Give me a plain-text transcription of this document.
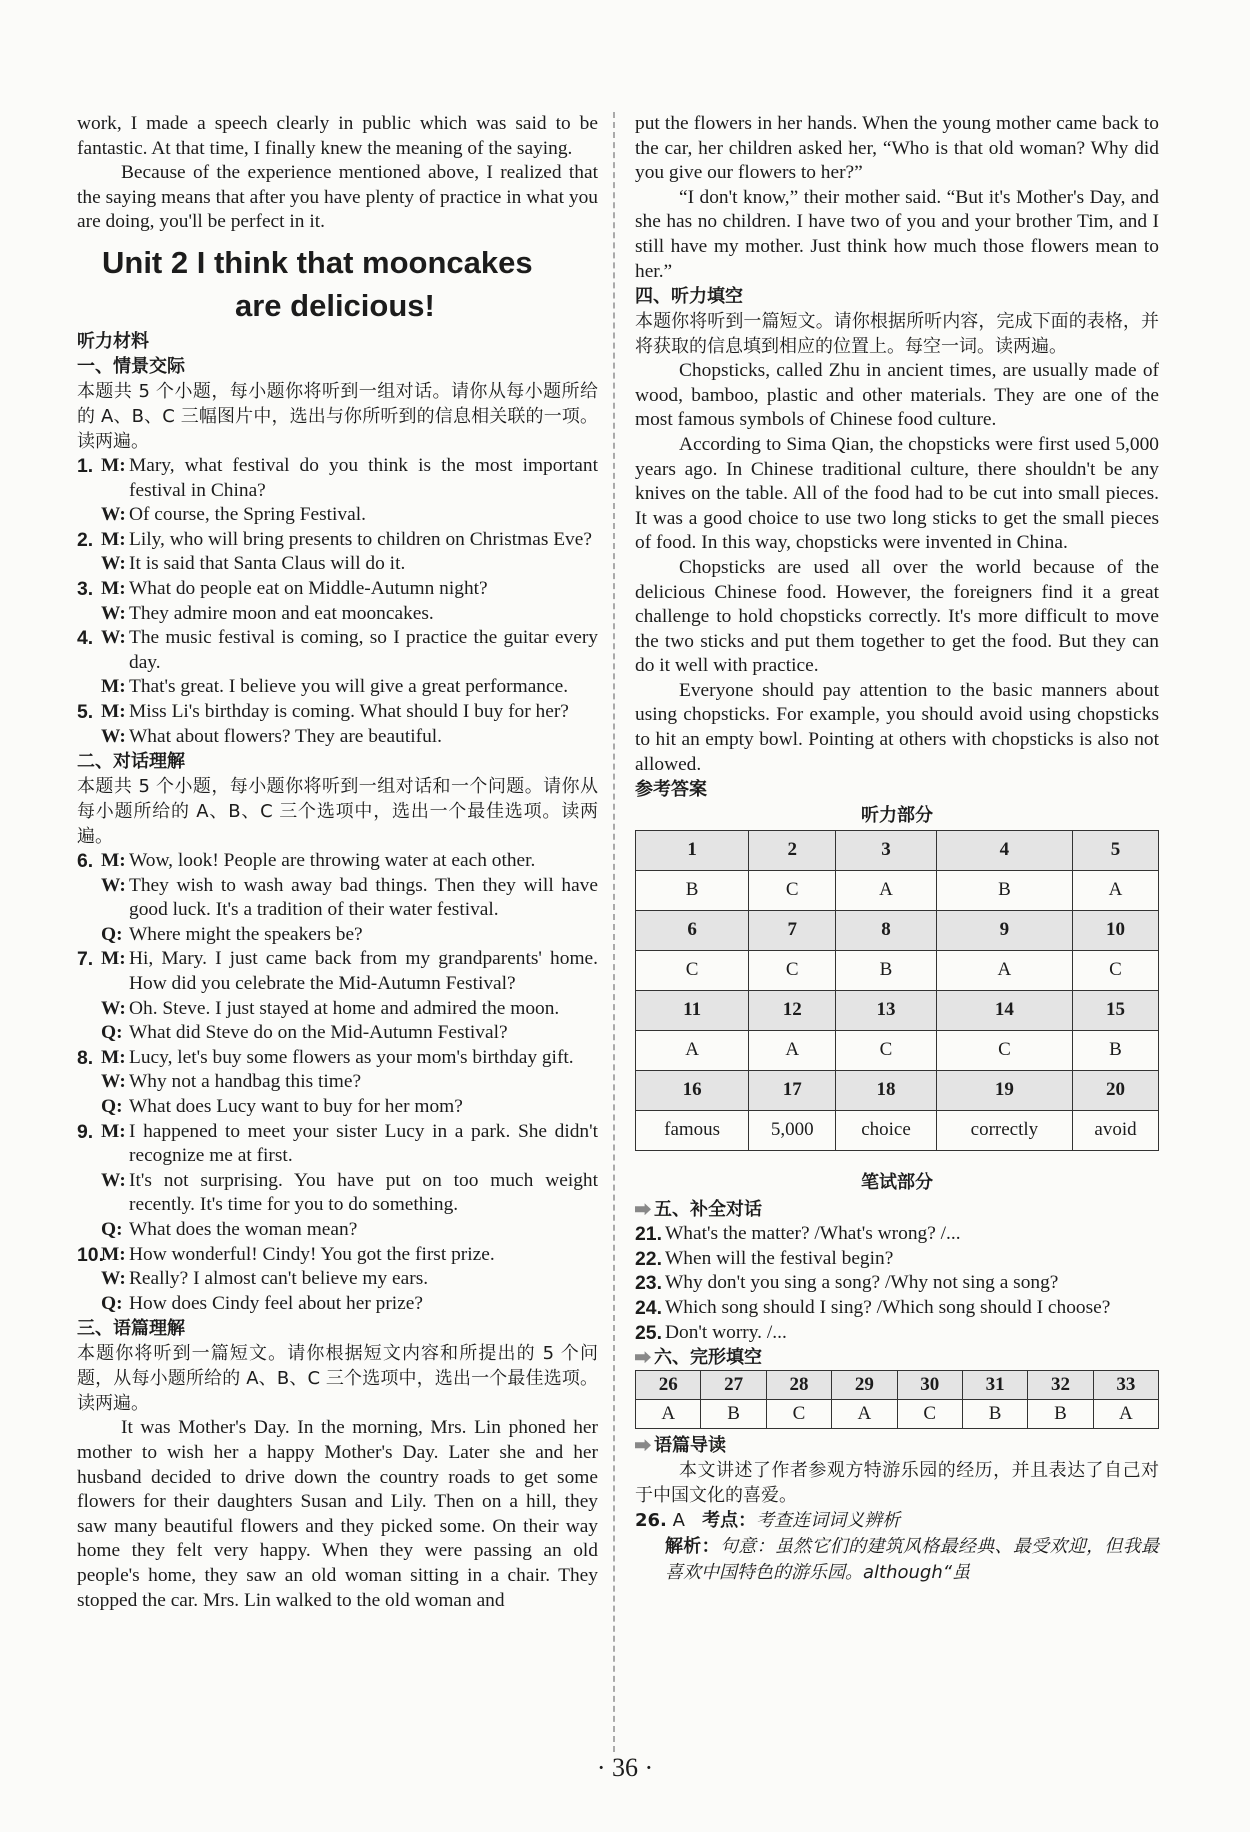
work, I made a speech clearly in public which was said to be fantastic. At that time, I finally knew the meaning of the saying.

Because of the experience mentioned above, I realized that the saying means that after you have plenty of practice in what you are doing, you'll be perfect in it.

Unit 2 I think that mooncakes
are delicious!
听力材料
一、情景交际
本题共 5 个小题，每小题你将听到一组对话。请你从每小题所给的 A、B、C 三幅图片中，选出与你所听到的信息相关联的一项。读两遍。
1. M: Mary, what festival do you think is the most important festival in China?
W: Of course, the Spring Festival.
2. M: Lily, who will bring presents to children on Christmas Eve?
W: It is said that Santa Claus will do it.
3. M: What do people eat on Middle-Autumn night?
W: They admire moon and eat mooncakes.
4. W: The music festival is coming, so I practice the guitar every day.
M: That's great. I believe you will give a great performance.
5. M: Miss Li's birthday is coming. What should I buy for her?
W: What about flowers? They are beautiful.
二、对话理解
本题共 5 个小题，每小题你将听到一组对话和一个问题。请你从每小题所给的 A、B、C 三个选项中，选出一个最佳选项。读两遍。
6. M: Wow, look! People are throwing water at each other.
W: They wish to wash away bad things. Then they will have good luck. It's a tradition of their water festival.
Q: Where might the speakers be?
7. M: Hi, Mary. I just came back from my grandparents' home. How did you celebrate the Mid-Autumn Festival?
W: Oh. Steve. I just stayed at home and admired the moon.
Q: What did Steve do on the Mid-Autumn Festival?
8. M: Lucy, let's buy some flowers as your mom's birthday gift.
W: Why not a handbag this time?
Q: What does Lucy want to buy for her mom?
9. M: I happened to meet your sister Lucy in a park. She didn't recognize me at first.
W: It's not surprising. You have put on too much weight recently. It's time for you to do something.
Q: What does the woman mean?
10.
M: How wonderful! Cindy! You got the first prize.
W: Really? I almost can't believe my ears.
Q: How does Cindy feel about her prize?
三、语篇理解
本题你将听到一篇短文。请你根据短文内容和所提出的 5 个问题，从每小题所给的 A、B、C 三个选项中，选出一个最佳选项。读两遍。

It was Mother's Day. In the morning, Mrs. Lin phoned her mother to wish her a happy Mother's Day. Later she and her husband decided to drive down the country roads to get some flowers for their daughters Susan and Lily. Then on a hill, they saw many beautiful flowers and they picked some. On their way home they felt very happy. When they were passing an old people's home, they saw an old woman sitting in a chair. They stopped the car. Mrs. Lin walked to the old woman and

put the flowers in her hands. When the young mother came back to the car, her children asked her, “Who is that old woman? Why did you give our flowers to her?”

“I don't know,” their mother said. “But it's Mother's Day, and she has no children. I have two of you and your brother Tim, and I still have my mother. Just think how much those flowers mean to her.”

四、听力填空
本题你将听到一篇短文。请你根据所听内容，完成下面的表格，并将获取的信息填到相应的位置上。每空一词。读两遍。

Chopsticks, called Zhu in ancient times, are usually made of wood, bamboo, plastic and other materials. They are one of the most famous symbols of Chinese food culture.

According to Sima Qian, the chopsticks were first used 5,000 years ago. In Chinese traditional culture, there shouldn't be any knives on the table. All of the food had to be cut into small pieces. It was a good choice to use two long sticks to get the small pieces of food. In this way, chopsticks were invented in China.

Chopsticks are used all over the world because of the delicious Chinese food. However, the foreigners find it a great challenge to hold chopsticks correctly. It's more difficult to move the two sticks and put them together to get the food. But they can do it well with practice.

Everyone should pay attention to the basic manners about using chopsticks. For example, you should avoid using chopsticks to hit an empty bowl. Pointing at others with chopsticks is also not allowed.

参考答案
听力部分
1	2	3	4	5
B	C	A	B	A
6	7	8	9	10
C	C	B	A	C
11	12	13	14	15
A	A	C	C	B
16	17	18	19	20
famous	5,000	choice	correctly	avoid
笔试部分
五、补全对话
21. What's the matter? /What's wrong? /...
22. When will the festival begin?
23. Why don't you sing a song? /Why not sing a song?
24. Which song should I sing? /Which song should I choose?
25. Don't worry. /...
六、完形填空
26	27	28	29	30	31	32	33
A	B	C	A	C	B	B	A
语篇导读
本文讲述了作者参观方特游乐园的经历，并且表达了自己对于中国文化的喜爱。
26. A 考点：考查连词词义辨析
解析：句意：虽然它们的建筑风格最经典、最受欢迎，但我最喜欢中国特色的游乐园。although“虽
· 36 ·
